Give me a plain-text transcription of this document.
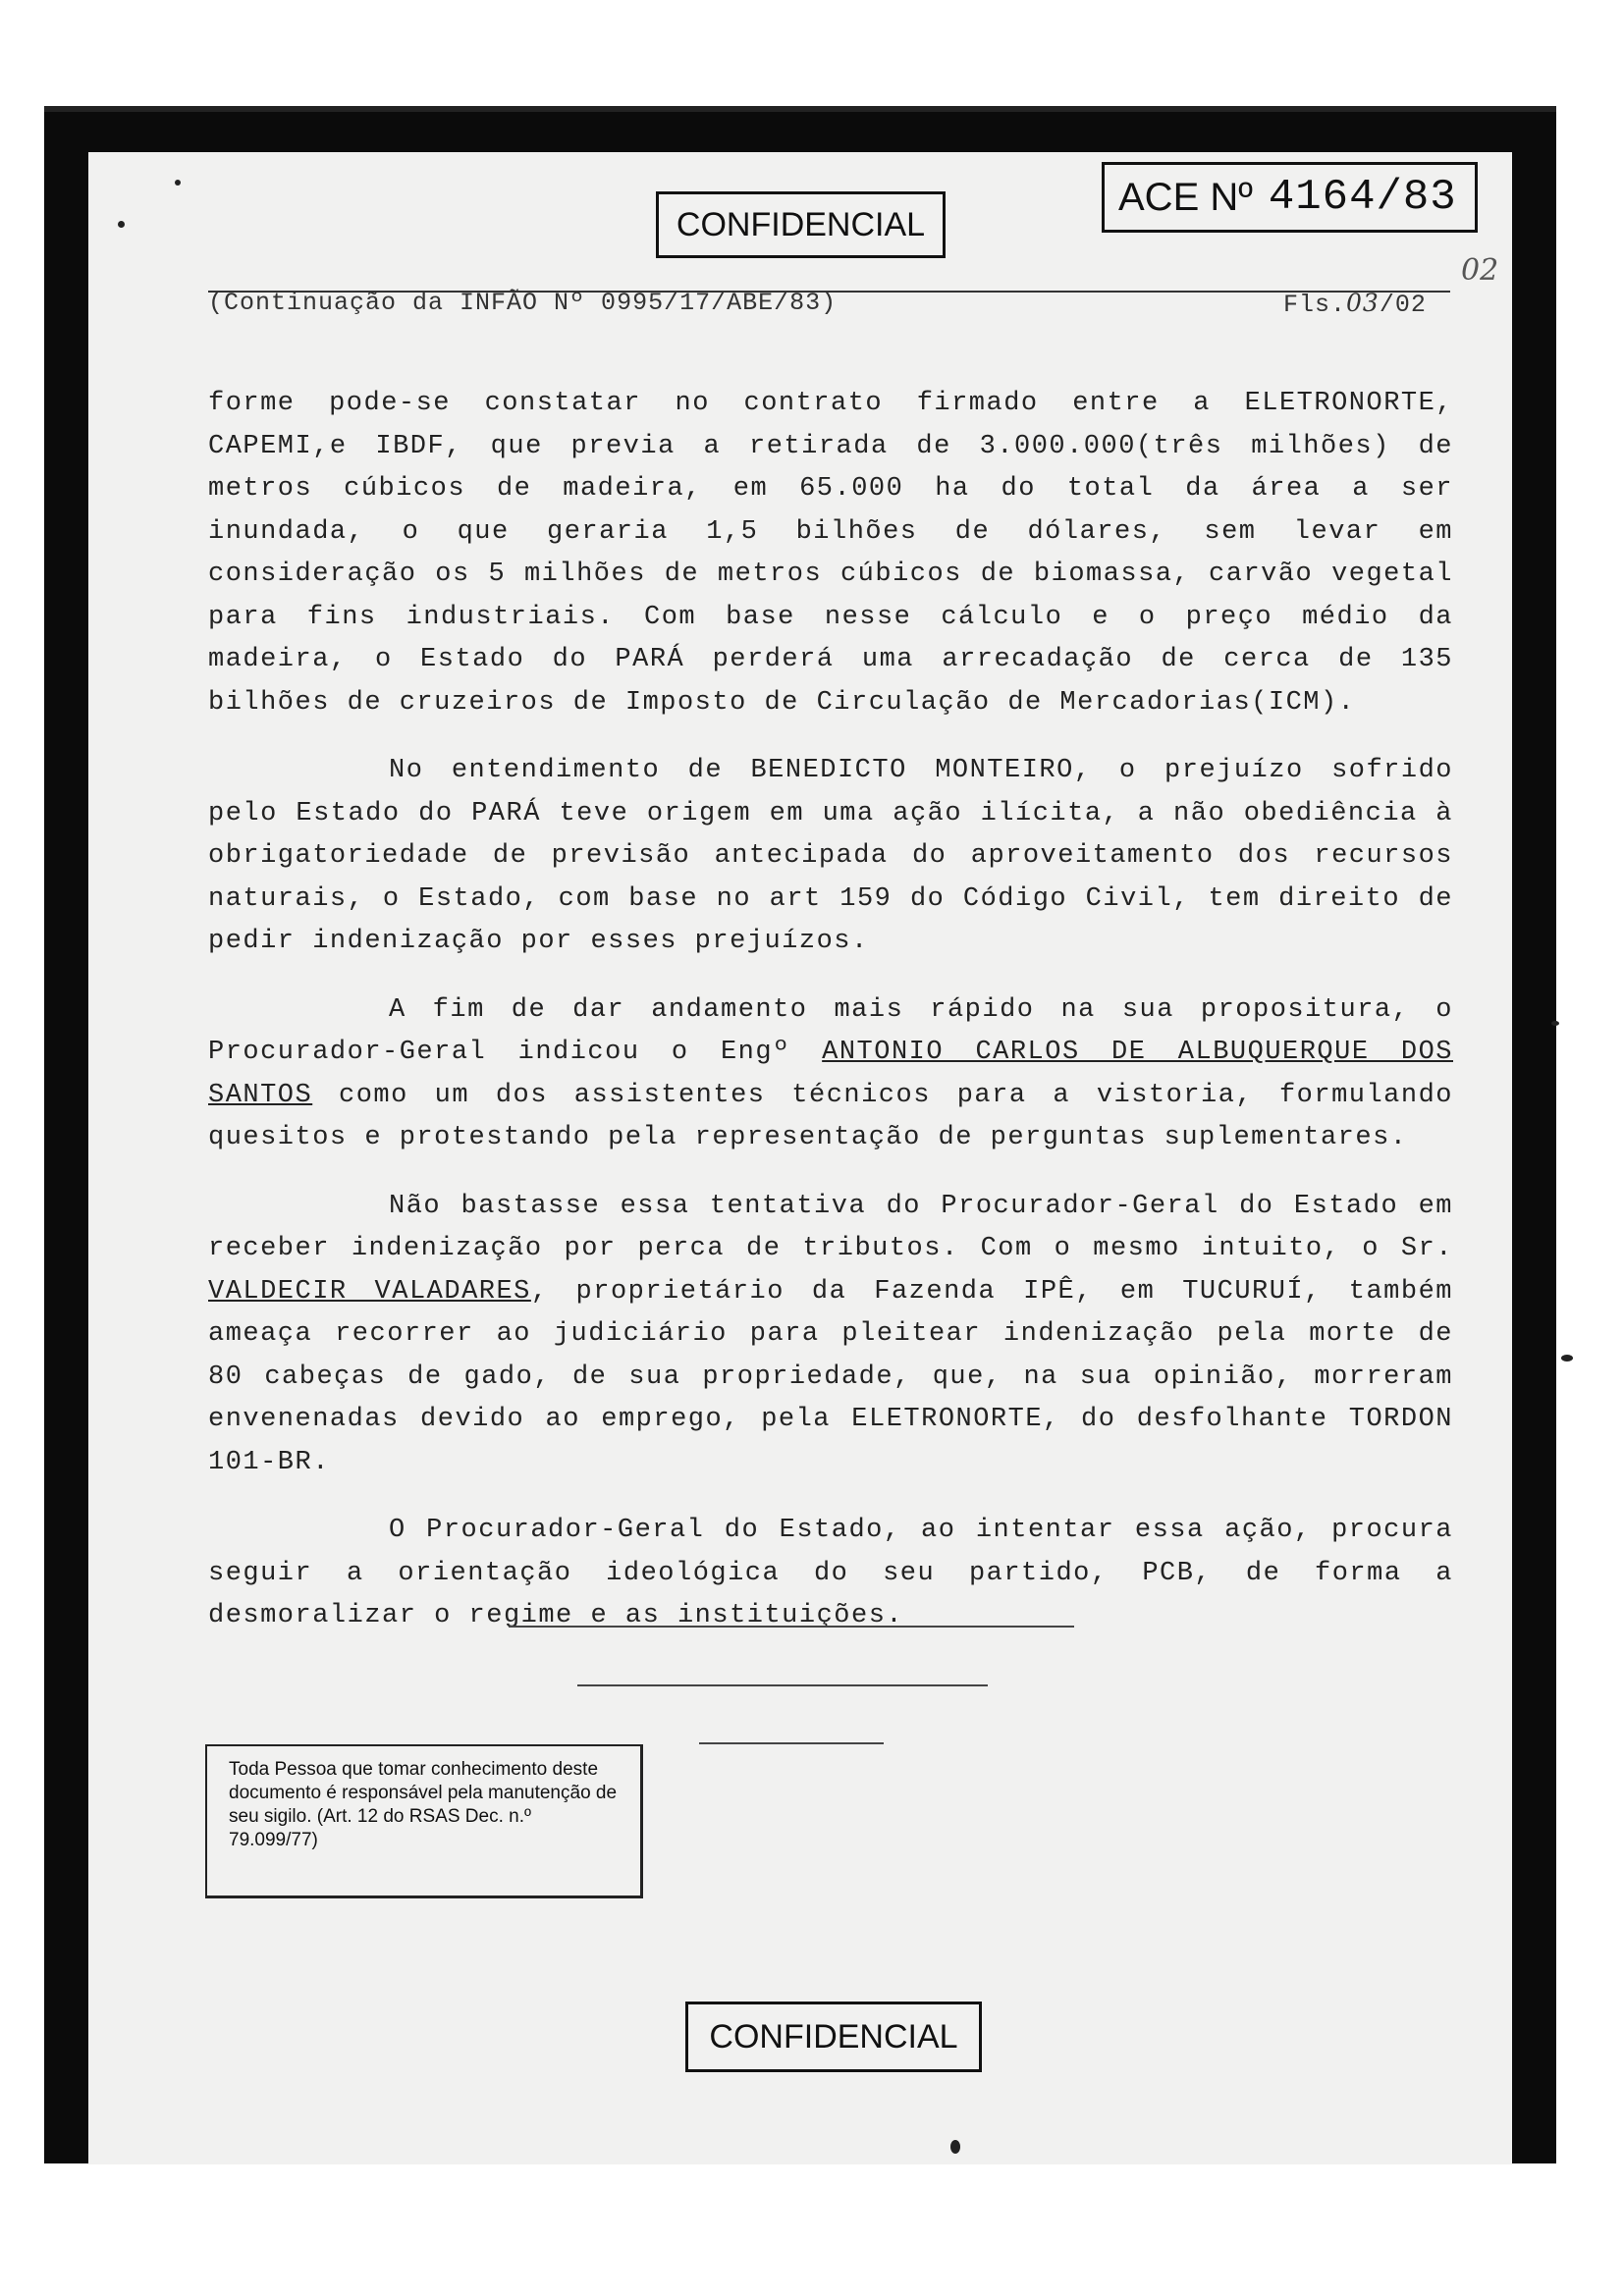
ACE Nº 4164/83
CONFIDENCIAL
02
(Continuação da INFÃO Nº 0995/17/ABE/83)	Fls.03/02

forme pode-se constatar no contrato firmado entre a ELETRONORTE, CAPEMI,e IBDF, que previa a retirada de 3.000.000(três milhões) de metros cúbicos de madeira, em 65.000 ha do total da área a ser inundada, o que geraria 1,5 bilhões de dólares, sem levar em consideração os 5 milhões de metros cúbicos de biomassa, carvão vegetal para fins industriais. Com base nesse cálculo e o preço médio da madeira, o Estado do PARÁ perderá uma arrecadação de cerca de 135 bilhões de cruzeiros de Imposto de Circulação de Mercadorias(ICM).

No entendimento de BENEDICTO MONTEIRO, o prejuízo sofrido pelo Estado do PARÁ teve origem em uma ação ilícita, a não obediência à obrigatoriedade de previsão antecipada do aproveitamento dos recursos naturais, o Estado, com base no art 159 do Código Civil, tem direito de pedir indenização por esses prejuízos.

A fim de dar andamento mais rápido na sua propositura, o Procurador-Geral indicou o Engº ANTONIO CARLOS DE ALBUQUERQUE DOS SANTOS como um dos assistentes técnicos para a vistoria, formulando quesitos e protestando pela representação de perguntas suplementares.

Não bastasse essa tentativa do Procurador-Geral do Estado em receber indenização por perca de tributos. Com o mesmo intuito, o Sr. VALDECIR VALADARES, proprietário da Fazenda IPÊ, em TUCURUÍ, também ameaça recorrer ao judiciário para pleitear indenização pela morte de 80 cabeças de gado, de sua propriedade, que, na sua opinião, morreram envenenadas devido ao emprego, pela ELETRONORTE, do desfolhante TORDON 101-BR.

O Procurador-Geral do Estado, ao intentar essa ação, procura seguir a orientação ideológica do seu partido, PCB, de forma a desmoralizar o regime e as instituições.

Toda Pessoa que tomar conhecimento deste documento é responsável pela manutenção de seu sigilo. (Art. 12 do RSAS Dec. n.º 79.099/77)
CONFIDENCIAL
